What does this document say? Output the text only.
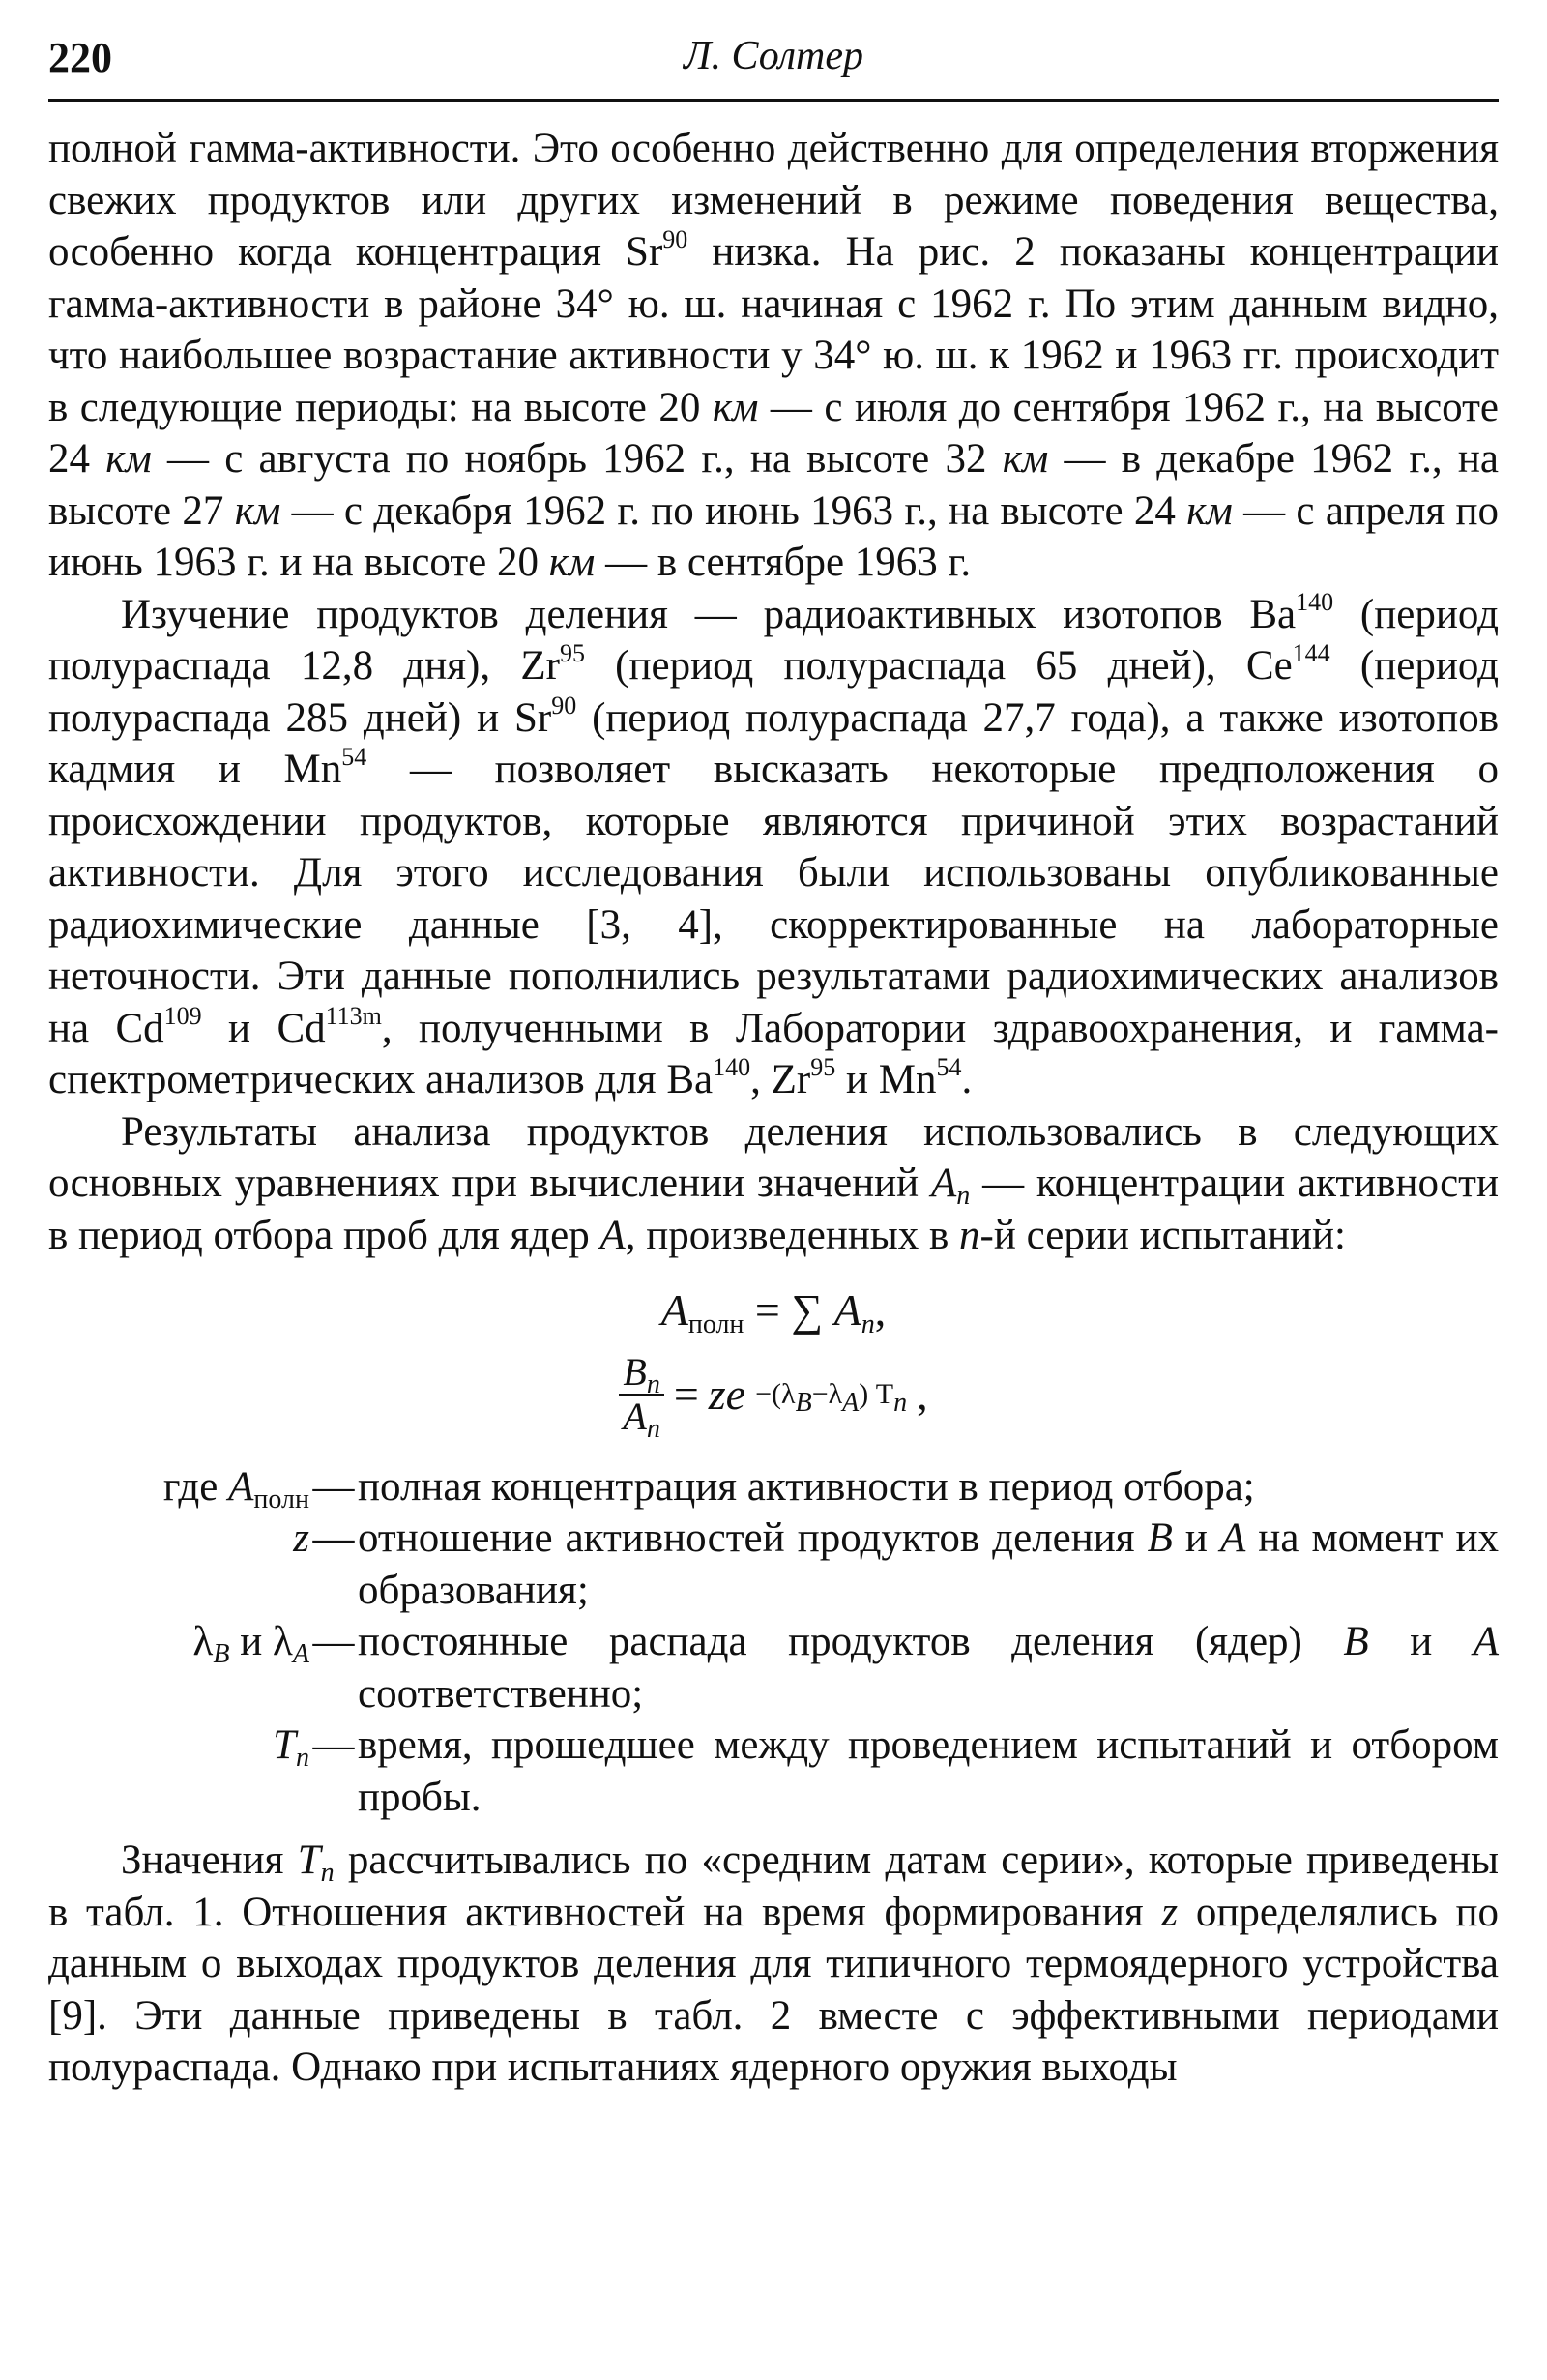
220	Л. Солтер

полной гамма-активности. Это особенно действенно для определения вторжения свежих продуктов или других изменений в режиме поведения вещества, особенно когда концентрация Sr$^{90}$ низка. На рис. 2 показаны концентрации гамма-активности в районе 34° ю. ш. начиная с 1962 г. По этим данным видно, что наибольшее возрастание активности у 34° ю. ш. к 1962 и 1963 гг. происходит в следующие периоды: на высоте 20 км — с июля до сентября 1962 г., на высоте 24 км — с августа по ноябрь 1962 г., на высоте 32 км — в декабре 1962 г., на высоте 27 км — с декабря 1962 г. по июнь 1963 г., на высоте 24 км — с апреля по июнь 1963 г. и на высоте 20 км — в сентябре 1963 г.

Изучение продуктов деления — радиоактивных изотопов Ba$^{140}$ (период полураспада 12,8 дня), Zr$^{95}$ (период полураспада 65 дней), Ce$^{144}$ (период полураспада 285 дней) и Sr$^{90}$ (период полураспада 27,7 года), а также изотопов кадмия и Mn$^{54}$ — позволяет высказать некоторые предположения о происхождении продуктов, которые являются причиной этих возрастаний активности. Для этого исследования были использованы опубликованные радиохимические данные [3, 4], скорректированные на лабораторные неточности. Эти данные пополнились результатами радиохимических анализов на Cd$^{109}$ и $Cd^{113m}$, полученными в Лаборатории здравоохранения, и гамма-спектрометрических анализов для Ba$^{140}$, Zr$^{95}$ и Mn$^{54}$.

Результаты анализа продуктов деления использовались в следующих основных уравнениях при вычислении значений $A_n$ — концентрации активности в период отбора проб для ядер A, произведенных в n-й серии испытаний:

$A_{полн}$ = ∑ $A_n$,
$\frac{B_n}{A_n}$ = ze $-(\lambda_B-\lambda_A)$ $T_n$ ,
где $A_{полн}$ — полная концентрация активности в период отбора;
z — отношение активностей продуктов деления B и A на момент их образования;
$\lambda_B$ и $\lambda_A$ — постоянные распада продуктов деления (ядер) B и A соответственно;
$T_n$ — время, прошедшее между проведением испытаний и отбором пробы.

Значения $T_n$ рассчитывались по «средним датам серии», которые приведены в табл. 1. Отношения активностей на время формирования z определялись по данным о выходах продуктов деления для типичного термоядерного устройства [9]. Эти данные приведены в табл. 2 вместе с эффективными периодами полураспада. Однако при испытаниях ядерного оружия выходы
